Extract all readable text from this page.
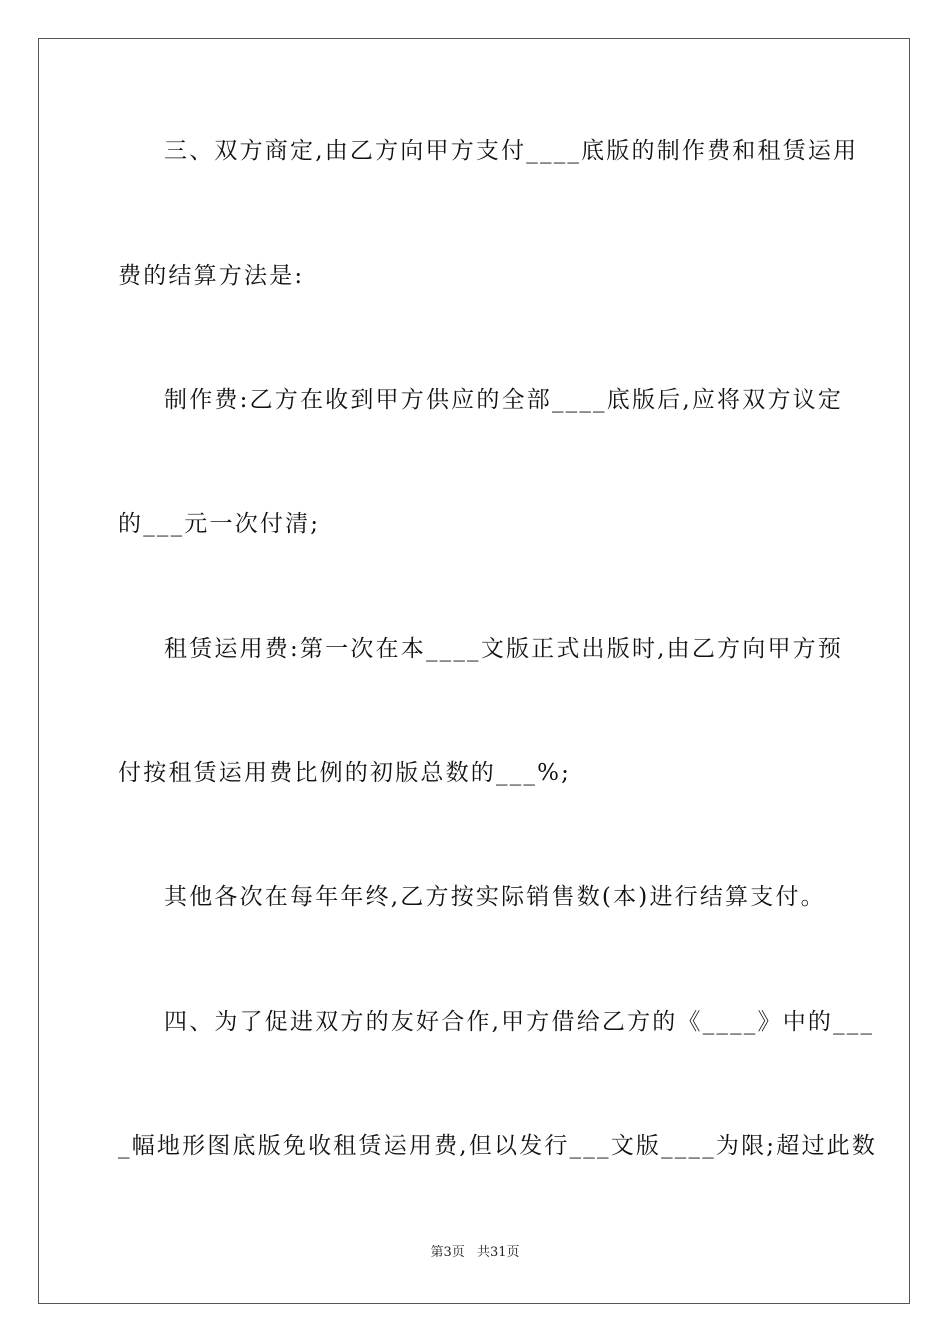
三、双方商定,由乙方向甲方支付____底版的制作费和租赁运用
费的结算方法是:
制作费:乙方在收到甲方供应的全部____底版后,应将双方议定
的___元一次付清;
租赁运用费:第一次在本____文版正式出版时,由乙方向甲方预
付按租赁运用费比例的初版总数的___%;
其他各次在每年年终,乙方按实际销售数(本)进行结算支付。
四、为了促进双方的友好合作,甲方借给乙方的《____》中的___
_幅地形图底版免收租赁运用费,但以发行___文版____为限;超过此数
第3页 共31页
